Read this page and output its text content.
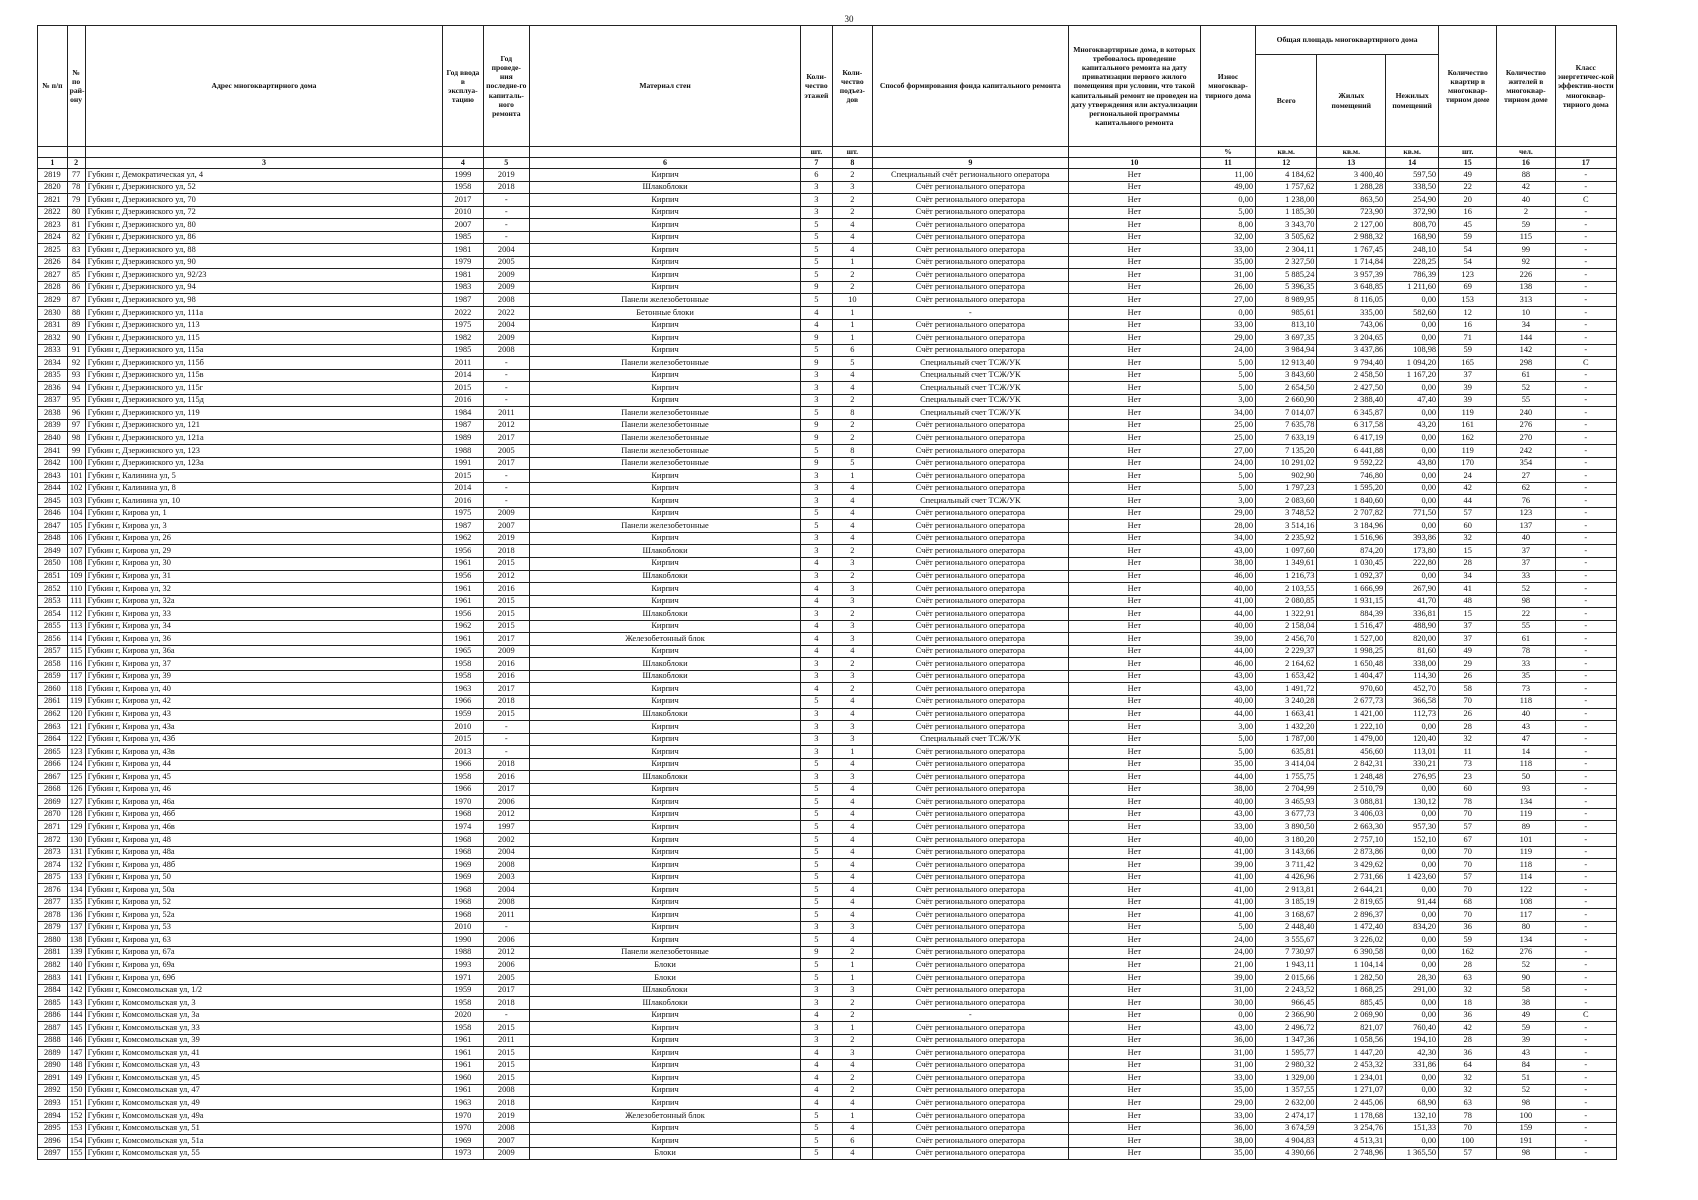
30
№ п/п	№ по рай-ону	Адрес многоквартирного дома	Год ввода в эксплуа-тацию	Год проведе-ния последне-го капиталь-ного ремонта	Материал стен	Коли-чество этажей	Коли-чество подъез-дов	Способ формирования фонда капитального ремонта	Многоквартирные дома, в которых требовалось проведение капитального ремонта на дату приватизации первого жилого помещения при условии, что такой капитальный ремонт не проведен на дату утверждения или актуализации региональной программы капитального ремонта	Износ многоквар-тирного дома	Общая площадь многоквартирного дома			Количество квартир в многоквар-тирном доме	Количество жителей в многоквар-тирном доме	Класс энергетичес-кой эффектив-ности многоквар-тирного дома
											Всего	Жилых помещений	Нежилых помещений			
						шт.	шт.			%	кв.м.	кв.м.	кв.м.	шт.	чел.	
1	2	3	4	5	6	7	8	9	10	11	12	13	14	15	16	17
2819	77	Губкин г, Демократическая ул, 4	1999	2019	Кирпич	6	2	Специальный счёт регионального оператора	Нет	11,00	4 184,62	3 400,40	597,50	49	88	-
2820	78	Губкин г, Дзержинского ул, 52	1958	2018	Шлакоблоки	3	3	Счёт регионального оператора	Нет	49,00	1 757,62	1 288,28	338,50	22	42	-
2821	79	Губкин г, Дзержинского ул, 70	2017	-	Кирпич	3	2	Счёт регионального оператора	Нет	0,00	1 238,00	863,50	254,90	20	40	С
2822	80	Губкин г, Дзержинского ул, 72	2010	-	Кирпич	3	2	Счёт регионального оператора	Нет	5,00	1 185,30	723,90	372,90	16	2	-
2823	81	Губкин г, Дзержинского ул, 80	2007	-	Кирпич	5	4	Счёт регионального оператора	Нет	8,00	3 343,70	2 127,00	808,70	45	59	-
2824	82	Губкин г, Дзержинского ул, 86	1985	-	Кирпич	5	4	Счёт регионального оператора	Нет	32,00	3 505,62	2 988,32	168,90	59	115	-
2825	83	Губкин г, Дзержинского ул, 88	1981	2004	Кирпич	5	4	Счёт регионального оператора	Нет	33,00	2 304,11	1 767,45	248,10	54	99	-
2826	84	Губкин г, Дзержинского ул, 90	1979	2005	Кирпич	5	1	Счёт регионального оператора	Нет	35,00	2 327,50	1 714,84	228,25	54	92	-
2827	85	Губкин г, Дзержинского ул, 92/23	1981	2009	Кирпич	5	2	Счёт регионального оператора	Нет	31,00	5 885,24	3 957,39	786,39	123	226	-
2828	86	Губкин г, Дзержинского ул, 94	1983	2009	Кирпич	9	2	Счёт регионального оператора	Нет	26,00	5 396,35	3 648,85	1 211,60	69	138	-
2829	87	Губкин г, Дзержинского ул, 98	1987	2008	Панели железобетонные	5	10	Счёт регионального оператора	Нет	27,00	8 989,95	8 116,05	0,00	153	313	-
2830	88	Губкин г, Дзержинского ул, 111а	2022	2022	Бетонные блоки	4	1	-	Нет	0,00	985,61	335,00	582,60	12	10	-
2831	89	Губкин г, Дзержинского ул, 113	1975	2004	Кирпич	4	1	Счёт регионального оператора	Нет	33,00	813,10	743,06	0,00	16	34	-
2832	90	Губкин г, Дзержинского ул, 115	1982	2009	Кирпич	9	1	Счёт регионального оператора	Нет	29,00	3 697,35	3 204,65	0,00	71	144	-
2833	91	Губкин г, Дзержинского ул, 115а	1985	2008	Кирпич	5	6	Счёт регионального оператора	Нет	24,00	3 984,94	3 437,86	108,98	59	142	-
2834	92	Губкин г, Дзержинского ул, 115б	2011	-	Панели железобетонные	9	5	Специальный счет ТСЖ/УК	Нет	5,00	12 913,40	9 794,40	1 094,20	165	298	С
2835	93	Губкин г, Дзержинского ул, 115в	2014	-	Кирпич	3	4	Специальный счет ТСЖ/УК	Нет	5,00	3 843,60	2 458,50	1 167,20	37	61	-
2836	94	Губкин г, Дзержинского ул, 115г	2015	-	Кирпич	3	4	Специальный счет ТСЖ/УК	Нет	5,00	2 654,50	2 427,50	0,00	39	52	-
2837	95	Губкин г, Дзержинского ул, 115д	2016	-	Кирпич	3	2	Специальный счет ТСЖ/УК	Нет	3,00	2 660,90	2 388,40	47,40	39	55	-
2838	96	Губкин г, Дзержинского ул, 119	1984	2011	Панели железобетонные	5	8	Специальный счет ТСЖ/УК	Нет	34,00	7 014,07	6 345,87	0,00	119	240	-
2839	97	Губкин г, Дзержинского ул, 121	1987	2012	Панели железобетонные	9	2	Счёт регионального оператора	Нет	25,00	7 635,78	6 317,58	43,20	161	276	-
2840	98	Губкин г, Дзержинского ул, 121а	1989	2017	Панели железобетонные	9	2	Счёт регионального оператора	Нет	25,00	7 633,19	6 417,19	0,00	162	270	-
2841	99	Губкин г, Дзержинского ул, 123	1988	2005	Панели железобетонные	5	8	Счёт регионального оператора	Нет	27,00	7 135,20	6 441,88	0,00	119	242	-
2842	100	Губкин г, Дзержинского ул, 123а	1991	2017	Панели железобетонные	9	5	Счёт регионального оператора	Нет	24,00	10 291,02	9 592,22	43,80	170	354	-
2843	101	Губкин г, Калинина ул, 5	2015	-	Кирпич	3	1	Счёт регионального оператора	Нет	5,00	902,90	746,80	0,00	24	27	-
2844	102	Губкин г, Калинина ул, 8	2014	-	Кирпич	3	4	Счёт регионального оператора	Нет	5,00	1 797,23	1 595,20	0,00	42	62	-
2845	103	Губкин г, Калинина ул, 10	2016	-	Кирпич	3	4	Специальный счет ТСЖ/УК	Нет	3,00	2 083,60	1 840,60	0,00	44	76	-
2846	104	Губкин г, Кирова ул, 1	1975	2009	Кирпич	5	4	Счёт регионального оператора	Нет	29,00	3 748,52	2 707,82	771,50	57	123	-
2847	105	Губкин г, Кирова ул, 3	1987	2007	Панели железобетонные	5	4	Счёт регионального оператора	Нет	28,00	3 514,16	3 184,96	0,00	60	137	-
2848	106	Губкин г, Кирова ул, 26	1962	2019	Кирпич	3	4	Счёт регионального оператора	Нет	34,00	2 235,92	1 516,96	393,86	32	40	-
2849	107	Губкин г, Кирова ул, 29	1956	2018	Шлакоблоки	3	2	Счёт регионального оператора	Нет	43,00	1 097,60	874,20	173,80	15	37	-
2850	108	Губкин г, Кирова ул, 30	1961	2015	Кирпич	4	3	Счёт регионального оператора	Нет	38,00	1 349,61	1 030,45	222,80	28	37	-
2851	109	Губкин г, Кирова ул, 31	1956	2012	Шлакоблоки	3	2	Счёт регионального оператора	Нет	46,00	1 216,73	1 092,37	0,00	34	33	-
2852	110	Губкин г, Кирова ул, 32	1961	2016	Кирпич	4	3	Счёт регионального оператора	Нет	40,00	2 103,55	1 666,99	267,90	41	52	-
2853	111	Губкин г, Кирова ул, 32а	1961	2015	Кирпич	4	3	Счёт регионального оператора	Нет	41,00	2 080,85	1 931,15	41,70	48	98	-
2854	112	Губкин г, Кирова ул, 33	1956	2015	Шлакоблоки	3	2	Счёт регионального оператора	Нет	44,00	1 322,91	884,39	336,81	15	22	-
2855	113	Губкин г, Кирова ул, 34	1962	2015	Кирпич	4	3	Счёт регионального оператора	Нет	40,00	2 158,04	1 516,47	488,90	37	55	-
2856	114	Губкин г, Кирова ул, 36	1961	2017	Железобетонный блок	4	3	Счёт регионального оператора	Нет	39,00	2 456,70	1 527,00	820,00	37	61	-
2857	115	Губкин г, Кирова ул, 36а	1965	2009	Кирпич	4	4	Счёт регионального оператора	Нет	44,00	2 229,37	1 998,25	81,60	49	78	-
2858	116	Губкин г, Кирова ул, 37	1958	2016	Шлакоблоки	3	2	Счёт регионального оператора	Нет	46,00	2 164,62	1 650,48	338,00	29	33	-
2859	117	Губкин г, Кирова ул, 39	1958	2016	Шлакоблоки	3	3	Счёт регионального оператора	Нет	43,00	1 653,42	1 404,47	114,30	26	35	-
2860	118	Губкин г, Кирова ул, 40	1963	2017	Кирпич	4	2	Счёт регионального оператора	Нет	43,00	1 491,72	970,60	452,70	58	73	-
2861	119	Губкин г, Кирова ул, 42	1966	2018	Кирпич	5	4	Счёт регионального оператора	Нет	40,00	3 240,28	2 677,73	366,58	70	118	-
2862	120	Губкин г, Кирова ул, 43	1959	2015	Шлакоблоки	3	4	Счёт регионального оператора	Нет	44,00	1 663,41	1 421,00	112,73	26	40	-
2863	121	Губкин г, Кирова ул, 43а	2010	-	Кирпич	3	3	Счёт регионального оператора	Нет	3,00	1 432,20	1 222,10	0,00	28	43	-
2864	122	Губкин г, Кирова ул, 43б	2015	-	Кирпич	3	3	Специальный счет ТСЖ/УК	Нет	5,00	1 787,00	1 479,00	120,40	32	47	-
2865	123	Губкин г, Кирова ул, 43в	2013	-	Кирпич	3	1	Счёт регионального оператора	Нет	5,00	635,81	456,60	113,01	11	14	-
2866	124	Губкин г, Кирова ул, 44	1966	2018	Кирпич	5	4	Счёт регионального оператора	Нет	35,00	3 414,04	2 842,31	330,21	73	118	-
2867	125	Губкин г, Кирова ул, 45	1958	2016	Шлакоблоки	3	3	Счёт регионального оператора	Нет	44,00	1 755,75	1 248,48	276,95	23	50	-
2868	126	Губкин г, Кирова ул, 46	1966	2017	Кирпич	5	4	Счёт регионального оператора	Нет	38,00	2 704,99	2 510,79	0,00	60	93	-
2869	127	Губкин г, Кирова ул, 46а	1970	2006	Кирпич	5	4	Счёт регионального оператора	Нет	40,00	3 465,93	3 088,81	130,12	78	134	-
2870	128	Губкин г, Кирова ул, 46б	1968	2012	Кирпич	5	4	Счёт регионального оператора	Нет	43,00	3 677,73	3 406,03	0,00	70	119	-
2871	129	Губкин г, Кирова ул, 46в	1974	1997	Кирпич	5	4	Счёт регионального оператора	Нет	33,00	3 890,50	2 663,30	957,30	57	89	-
2872	130	Губкин г, Кирова ул, 48	1968	2002	Кирпич	5	4	Счёт регионального оператора	Нет	40,00	3 180,20	2 757,10	152,10	67	101	-
2873	131	Губкин г, Кирова ул, 48а	1968	2004	Кирпич	5	4	Счёт регионального оператора	Нет	41,00	3 143,66	2 873,86	0,00	70	119	-
2874	132	Губкин г, Кирова ул, 48б	1969	2008	Кирпич	5	4	Счёт регионального оператора	Нет	39,00	3 711,42	3 429,62	0,00	70	118	-
2875	133	Губкин г, Кирова ул, 50	1969	2003	Кирпич	5	4	Счёт регионального оператора	Нет	41,00	4 426,96	2 731,66	1 423,60	57	114	-
2876	134	Губкин г, Кирова ул, 50а	1968	2004	Кирпич	5	4	Счёт регионального оператора	Нет	41,00	2 913,81	2 644,21	0,00	70	122	-
2877	135	Губкин г, Кирова ул, 52	1968	2008	Кирпич	5	4	Счёт регионального оператора	Нет	41,00	3 185,19	2 819,65	91,44	68	108	-
2878	136	Губкин г, Кирова ул, 52а	1968	2011	Кирпич	5	4	Счёт регионального оператора	Нет	41,00	3 168,67	2 896,37	0,00	70	117	-
2879	137	Губкин г, Кирова ул, 53	2010	-	Кирпич	3	3	Счёт регионального оператора	Нет	5,00	2 448,40	1 472,40	834,20	36	80	-
2880	138	Губкин г, Кирова ул, 63	1990	2006	Кирпич	5	4	Счёт регионального оператора	Нет	24,00	3 555,67	3 226,02	0,00	59	134	-
2881	139	Губкин г, Кирова ул, 67а	1988	2012	Панели железобетонные	9	2	Счёт регионального оператора	Нет	24,00	7 730,97	6 390,58	0,00	162	276	-
2882	140	Губкин г, Кирова ул, 69а	1993	2006	Блоки	5	1	Счёт регионального оператора	Нет	21,00	1 943,11	1 104,14	0,00	28	52	-
2883	141	Губкин г, Кирова ул, 69б	1971	2005	Блоки	5	1	Счёт регионального оператора	Нет	39,00	2 015,66	1 282,50	28,30	63	90	-
2884	142	Губкин г, Комсомольская ул, 1/2	1959	2017	Шлакоблоки	3	3	Счёт регионального оператора	Нет	31,00	2 243,52	1 868,25	291,00	32	58	-
2885	143	Губкин г, Комсомольская ул, 3	1958	2018	Шлакоблоки	3	2	Счёт регионального оператора	Нет	30,00	966,45	885,45	0,00	18	38	-
2886	144	Губкин г, Комсомольская ул, 3а	2020	-	Кирпич	4	2	-	Нет	0,00	2 366,90	2 069,90	0,00	36	49	С
2887	145	Губкин г, Комсомольская ул, 33	1958	2015	Кирпич	3	1	Счёт регионального оператора	Нет	43,00	2 496,72	821,07	760,40	42	59	-
2888	146	Губкин г, Комсомольская ул, 39	1961	2011	Кирпич	3	2	Счёт регионального оператора	Нет	36,00	1 347,36	1 058,56	194,10	28	39	-
2889	147	Губкин г, Комсомольская ул, 41	1961	2015	Кирпич	4	3	Счёт регионального оператора	Нет	31,00	1 595,77	1 447,20	42,30	36	43	-
2890	148	Губкин г, Комсомольская ул, 43	1961	2015	Кирпич	4	4	Счёт регионального оператора	Нет	31,00	2 980,32	2 453,32	331,86	64	84	-
2891	149	Губкин г, Комсомольская ул, 45	1960	2015	Кирпич	4	2	Счёт регионального оператора	Нет	33,00	1 329,00	1 234,01	0,00	32	51	-
2892	150	Губкин г, Комсомольская ул, 47	1961	2008	Кирпич	4	2	Счёт регионального оператора	Нет	35,00	1 357,55	1 271,07	0,00	32	52	-
2893	151	Губкин г, Комсомольская ул, 49	1963	2018	Кирпич	4	4	Счёт регионального оператора	Нет	29,00	2 632,00	2 445,06	68,90	63	98	-
2894	152	Губкин г, Комсомольская ул, 49а	1970	2019	Железобетонный блок	5	1	Счёт регионального оператора	Нет	33,00	2 474,17	1 178,68	132,10	78	100	-
2895	153	Губкин г, Комсомольская ул, 51	1970	2008	Кирпич	5	4	Счёт регионального оператора	Нет	36,00	3 674,59	3 254,76	151,33	70	159	-
2896	154	Губкин г, Комсомольская ул, 51а	1969	2007	Кирпич	5	6	Счёт регионального оператора	Нет	38,00	4 904,83	4 513,31	0,00	100	191	-
2897	155	Губкин г, Комсомольская ул, 55	1973	2009	Блоки	5	4	Счёт регионального оператора	Нет	35,00	4 390,66	2 748,96	1 365,50	57	98	-
